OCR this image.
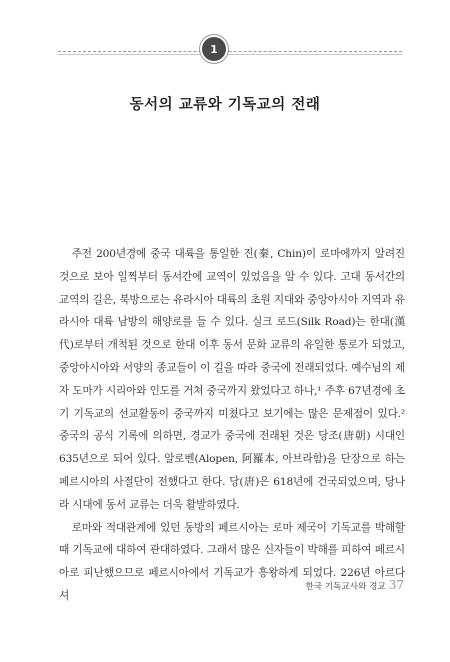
1
동서의 교류와 기독교의 전래

주전 200년경에 중국 대륙을 통일한 진(秦, Chin)이 로마에까지 알려진 것으로 보아 일찍부터 동서간에 교역이 있었음을 알 수 있다. 고대 동서간의 교역의 길은, 북방으로는 유라시아 대륙의 초원 지대와 중앙아시아 지역과 유라시아 대륙 남방의 해양로를 들 수 있다. 실크 로드(Silk Road)는 한대(漢代)로부터 개척된 것으로 한대 이후 동서 문화 교류의 유일한 통로가 되었고, 중앙아시아와 서양의 종교들이 이 길을 따라 중국에 전래되었다. 예수님의 제자 도마가 시리아와 인도를 거쳐 중국까지 왔었다고 하나,¹ 주후 67년경에 초기 기독교의 선교활동이 중국까지 미쳤다고 보기에는 많은 문제점이 있다.² 중국의 공식 기록에 의하면, 경교가 중국에 전래된 것은 당조(唐朝) 시대인 635년으로 되어 있다. 알로벤(Alopen, 阿羅本, 아브라함)을 단장으로 하는 페르시아의 사절단이 전했다고 한다. 당(唐)은 618년에 건국되었으며, 당나라 시대에 동서 교류는 더욱 활발하였다.

로마와 적대관계에 있던 동방의 페르시아는 로마 제국이 기독교를 박해할 때 기독교에 대하여 관대하였다. 그래서 많은 신자들이 박해를 피하여 페르시아로 피난했으므로 페르시아에서 기독교가 흥왕하게 되었다. 226년 아르다셔

한국 기독교사와 경교 37
